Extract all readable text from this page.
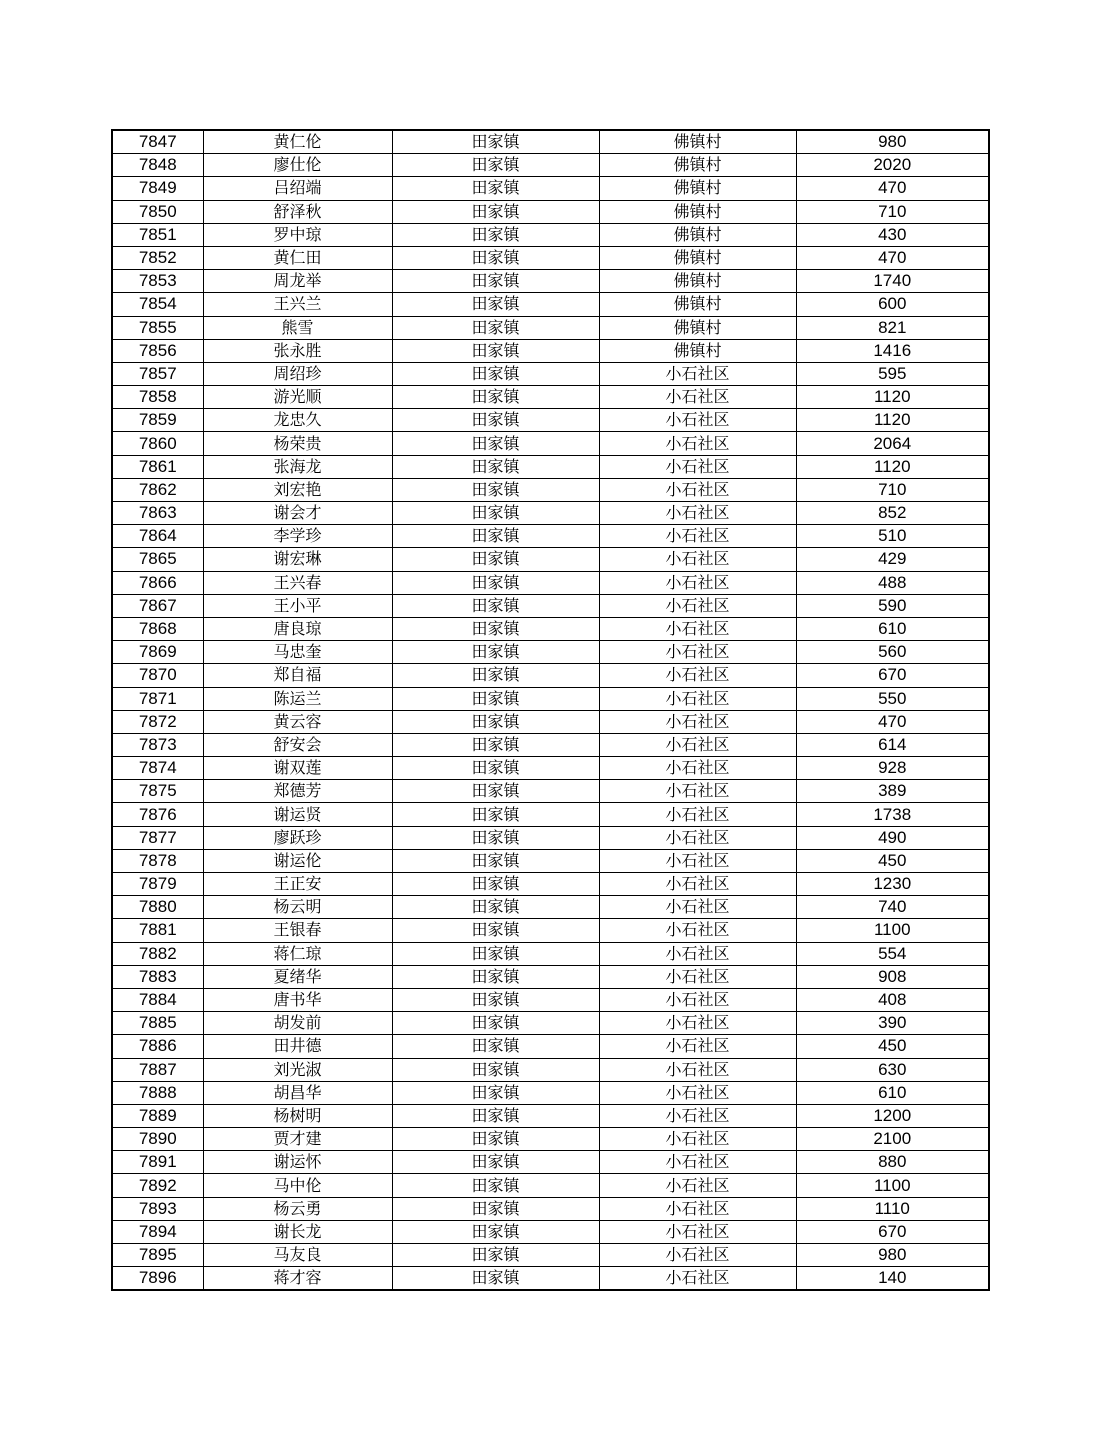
7847	黄仁伦	田家镇	佛镇村	980
7848	廖仕伦	田家镇	佛镇村	2020
7849	吕绍端	田家镇	佛镇村	470
7850	舒泽秋	田家镇	佛镇村	710
7851	罗中琼	田家镇	佛镇村	430
7852	黄仁田	田家镇	佛镇村	470
7853	周龙举	田家镇	佛镇村	1740
7854	王兴兰	田家镇	佛镇村	600
7855	熊雪	田家镇	佛镇村	821
7856	张永胜	田家镇	佛镇村	1416
7857	周绍珍	田家镇	小石社区	595
7858	游光顺	田家镇	小石社区	1120
7859	龙忠久	田家镇	小石社区	1120
7860	杨荣贵	田家镇	小石社区	2064
7861	张海龙	田家镇	小石社区	1120
7862	刘宏艳	田家镇	小石社区	710
7863	谢会才	田家镇	小石社区	852
7864	李学珍	田家镇	小石社区	510
7865	谢宏琳	田家镇	小石社区	429
7866	王兴春	田家镇	小石社区	488
7867	王小平	田家镇	小石社区	590
7868	唐良琼	田家镇	小石社区	610
7869	马忠奎	田家镇	小石社区	560
7870	郑自福	田家镇	小石社区	670
7871	陈运兰	田家镇	小石社区	550
7872	黄云容	田家镇	小石社区	470
7873	舒安会	田家镇	小石社区	614
7874	谢双莲	田家镇	小石社区	928
7875	郑德芳	田家镇	小石社区	389
7876	谢运贤	田家镇	小石社区	1738
7877	廖跃珍	田家镇	小石社区	490
7878	谢运伦	田家镇	小石社区	450
7879	王正安	田家镇	小石社区	1230
7880	杨云明	田家镇	小石社区	740
7881	王银春	田家镇	小石社区	1100
7882	蒋仁琼	田家镇	小石社区	554
7883	夏绪华	田家镇	小石社区	908
7884	唐书华	田家镇	小石社区	408
7885	胡发前	田家镇	小石社区	390
7886	田井德	田家镇	小石社区	450
7887	刘光淑	田家镇	小石社区	630
7888	胡昌华	田家镇	小石社区	610
7889	杨树明	田家镇	小石社区	1200
7890	贾才建	田家镇	小石社区	2100
7891	谢运怀	田家镇	小石社区	880
7892	马中伦	田家镇	小石社区	1100
7893	杨云勇	田家镇	小石社区	1110
7894	谢长龙	田家镇	小石社区	670
7895	马友良	田家镇	小石社区	980
7896	蒋才容	田家镇	小石社区	140
